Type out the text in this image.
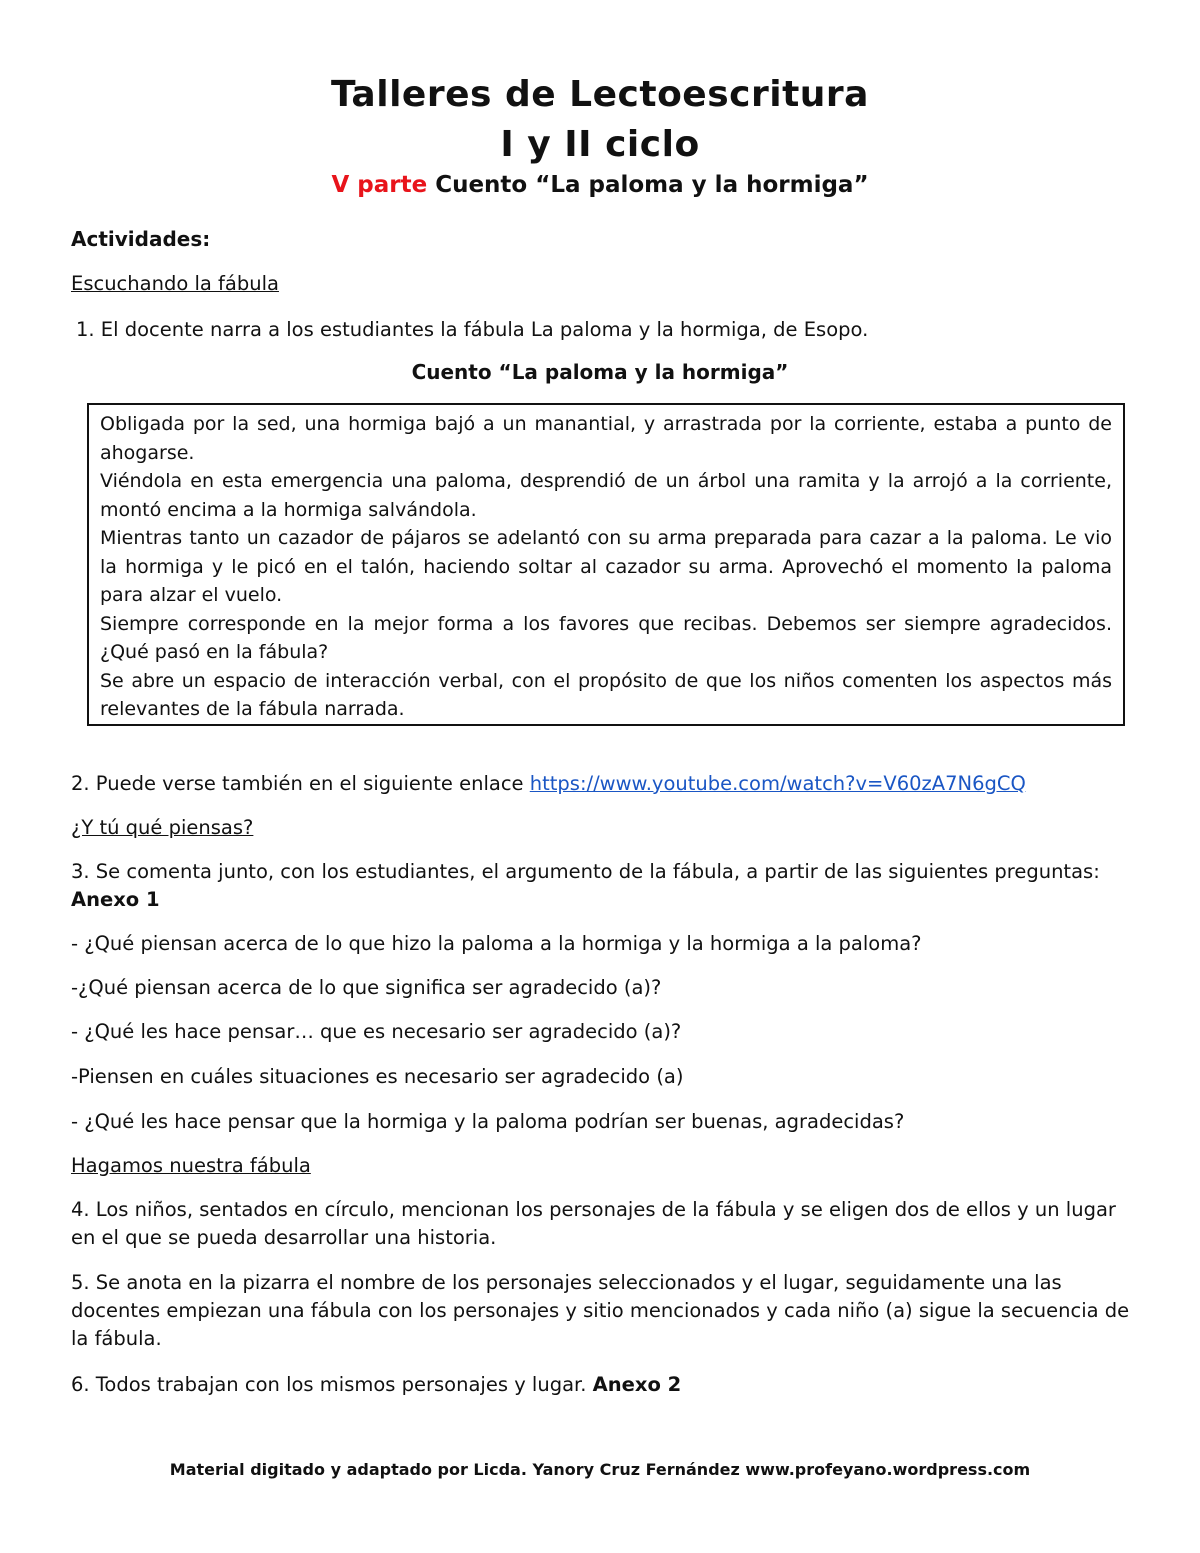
Talleres de Lectoescritura
I y II ciclo
V parte Cuento “La paloma y la hormiga”

Actividades:

Escuchando la fábula

1. El docente narra a los estudiantes la fábula La paloma y la hormiga, de Esopo.

Cuento “La paloma y la hormiga”

Obligada por la sed, una hormiga bajó a un manantial, y arrastrada por la corriente, estaba a punto de ahogarse.

Viéndola en esta emergencia una paloma, desprendió de un árbol una ramita y la arrojó a la corriente, montó encima a la hormiga salvándola.

Mientras tanto un cazador de pájaros se adelantó con su arma preparada para cazar a la paloma. Le vio la hormiga y le picó en el talón, haciendo soltar al cazador su arma. Aprovechó el momento la paloma para alzar el vuelo.

Siempre corresponde en la mejor forma a los favores que recibas. Debemos ser siempre agradecidos. ¿Qué pasó en la fábula?

Se abre un espacio de interacción verbal, con el propósito de que los niños comenten los aspectos más relevantes de la fábula narrada.

2. Puede verse también en el siguiente enlace https://www.youtube.com/watch?v=V60zA7N6gCQ

¿Y tú qué piensas?

3. Se comenta junto, con los estudiantes, el argumento de la fábula, a partir de las siguientes preguntas: Anexo 1

- ¿Qué piensan acerca de lo que hizo la paloma a la hormiga y la hormiga a la paloma?

-¿Qué piensan acerca de lo que significa ser agradecido (a)?

- ¿Qué les hace pensar… que es necesario ser agradecido (a)?

-Piensen en cuáles situaciones es necesario ser agradecido (a)

- ¿Qué les hace pensar que la hormiga y la paloma podrían ser buenas, agradecidas?

Hagamos nuestra fábula

4. Los niños, sentados en círculo, mencionan los personajes de la fábula y se eligen dos de ellos y un lugar en el que se pueda desarrollar una historia.

5. Se anota en la pizarra el nombre de los personajes seleccionados y el lugar, seguidamente una las docentes empiezan una fábula con los personajes y sitio mencionados y cada niño (a) sigue la secuencia de la fábula.

6. Todos trabajan con los mismos personajes y lugar. Anexo 2

Material digitado y adaptado por Licda. Yanory Cruz Fernández www.profeyano.wordpress.com
